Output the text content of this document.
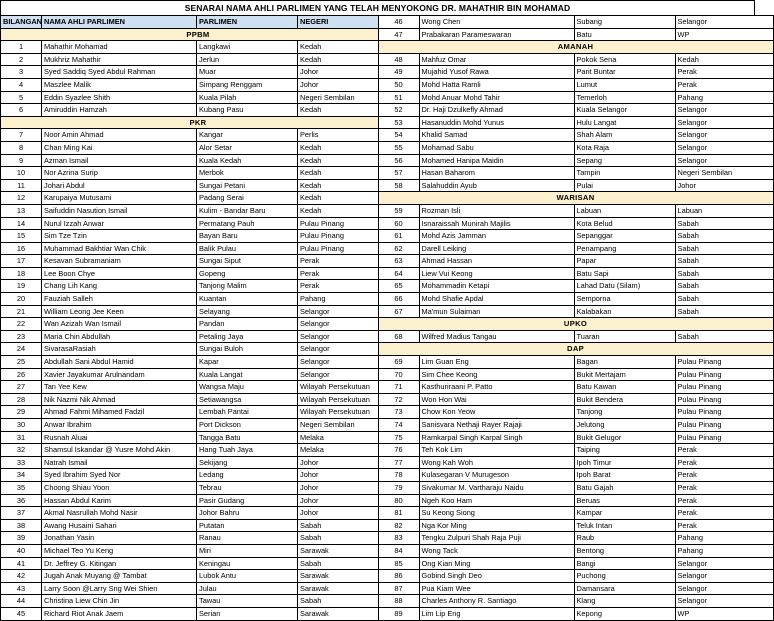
SENARAI NAMA AHLI PARLIMEN YANG TELAH MENYOKONG DR. MAHATHIR BIN MOHAMAD
BILANGAN	NAMA AHLI PARLIMEN	PARLIMEN	NEGERI
PPBM			
1	Mahathir Mohamad	Langkawi	Kedah
2	Mukhriz Mahathir	Jerlun	Kedah
3	Syed Saddiq Syed Abdul Rahman	Muar	Johor
4	Maszlee Malik	Simpang Renggam	Johor
5	Eddin Syazlee Shith	Kuala Pilah	Negeri Sembilan
6	Amiruddin Hamzah	Kubang Pasu	Kedah
PKR			
7	Noor Amin Ahmad	Kangar	Perlis
8	Chan Ming Kai	Alor Setar	Kedah
9	Azman Ismail	Kuala Kedah	Kedah
10	Nor Azrina Surip	Merbok	Kedah
11	Johari Abdul	Sungai Petani	Kedah
12	Karupaiya Mutusami	Padang Serai	Kedah
13	Saifuddin Nasution Ismail	Kulim - Bandar Baru	Kedah
14	Nurul Izzah Anwar	Permatang Pauh	Pulau Pinang
15	Sim Tze Tzin	Bayan Baru	Pulau Pinang
16	Muhammad Bakhtiar Wan Chik	Balik Pulau	Pulau Pinang
17	Kesavan Subramaniam	Sungai Siput	Perak
18	Lee Boon Chye	Gopeng	Perak
19	Chang Lih Kang	Tanjong Malim	Perak
20	Fauziah Salleh	Kuantan	Pahang
21	William Leong Jee Keen	Selayang	Selangor
22	Wan Azizah Wan Ismail	Pandan	Selangor
23	Maria Chin Abdullah	Petaling Jaya	Selangor
24	SivarasaRasiah	Sungai Buloh	Selangor
25	Abdullah Sani Abdul Hamid	Kapar	Selangor
26	Xavier Jayakumar Arulnandam	Kuala Langat	Selangor
27	Tan Yee Kew	Wangsa Maju	Wilayah Persekutuan
28	Nik Nazmi Nik Ahmad	Setiawangsa	Wilayah Persekutuan
29	Ahmad Fahmi Mihamed Fadzil	Lembah Pantai	Wilayah Persekutuan
30	Anwar Ibrahim	Port Dickson	Negeri Sembilan
31	Rusnah Aluai	Tangga Batu	Melaka
32	Shamsul Iskandar @ Yusre Mohd Akin	Hang Tuah Jaya	Melaka
33	Natrah Ismail	Sekijang	Johor
34	Syed Ibrahim Syed Nor	Ledang	Johor
35	Choong Shiau Yoon	Tebrau	Johor
36	Hassan Abdul Karim	Pasir Gudang	Johor
37	Akmal Nasrullah Mohd Nasir	Johor Bahru	Johor
38	Awang Husaini Sahari	Putatan	Sabah
39	Jonathan Yasin	Ranau	Sabah
40	Michael Teo Yu Keng	Miri	Sarawak
41	Dr. Jeffrey G. Kitingan	Keningau	Sabah
42	Jugah Anak Muyang @ Tambat	Lubok Antu	Sarawak
43	Larry Soon @Larry Sng Wei Shien	Julau	Sarawak
44	Christina Liew Chin Jin	Tawau	Sabah
45	Richard Riot Anak Jaem	Serian	Sarawak
46	Wong Chen	Subang	Selangor
47	Prabakaran Parameswaran	Batu	WP
AMANAH			
48	Mahfuz Omar	Pokok Sena	Kedah
49	Mujahid Yusof Rawa	Parit Buntar	Perak
50	Mohd Hatta Ramli	Lumut	Perak
51	Mohd Anuar Mohd Tahir	Temerloh	Pahang
52	Dr. Haji Dzulkefly Ahmad	Kuala Selangor	Selangor
53	Hasanuddin Mohd Yunus	Hulu Langat	Selangor
54	Khalid Samad	Shah Alam	Selangor
55	Mohamad Sabu	Kota Raja	Selangor
56	Mohamed Hanipa Maidin	Sepang	Selangor
57	Hasan Baharom	Tampin	Negeri Sembilan
58	Salahuddin Ayub	Pulai	Johor
WARISAN			
59	Rozman Isli	Labuan	Labuan
60	Isnaraissah Munirah Majilis	Kota Belud	Sabah
61	Mohd Azis Jamman	Sepanggar	Sabah
62	Darell Leiking	Penampang	Sabah
63	Ahmad Hassan	Papar	Sabah
64	Liew Vui Keong	Batu Sapi	Sabah
65	Mohammadin Ketapi	Lahad Datu (Silam)	Sabah
66	Mohd Shafie Apdal	Semporna	Sabah
67	Ma'mun Sulaiman	Kalabakan	Sabah
UPKO			
68	Wilfred Madius Tangau	Tuaran	Sabah
DAP			
69	Lim Guan Eng	Bagan	Pulau Pinang
70	Sim Chee Keong	Bukit Mertajam	Pulau Pinang
71	Kasthuriraani P. Patto	Batu Kawan	Pulau Pinang
72	Won Hon Wai	Bukit Bendera	Pulau Pinang
73	Chow Kon Yeow	Tanjong	Pulau Pinang
74	Sanisvara Nethaji Rayer Rajaji	Jelutong	Pulau Pinang
75	Ramkarpal Singh Karpal Singh	Bukit Gelugor	Pulau Pinang
76	Teh Kok Lim	Taiping	Perak
77	Wong Kah Woh	Ipoh Timur	Perak
78	Kulasegaran V Murugeson	Ipoh Barat	Perak
79	Sivakumar M. Vartharaju Naidu	Batu Gajah	Perak
80	Ngeh Koo Ham	Beruas	Perak
81	Su Keong Siong	Kampar	Perak
82	Nga Kor Ming	Teluk Intan	Perak
83	Tengku Zulpuri Shah Raja Puji	Raub	Pahang
84	Wong Tack	Bentong	Pahang
85	Ong Kian Ming	Bangi	Selangor
86	Gobind Singh Deo	Puchong	Selangor
87	Pua Kiam Wee	Damansara	Selangor
88	Charles Anthony R. Santiago	Klang	Selangor
89	Lim Lip Eng	Kepong	WP
